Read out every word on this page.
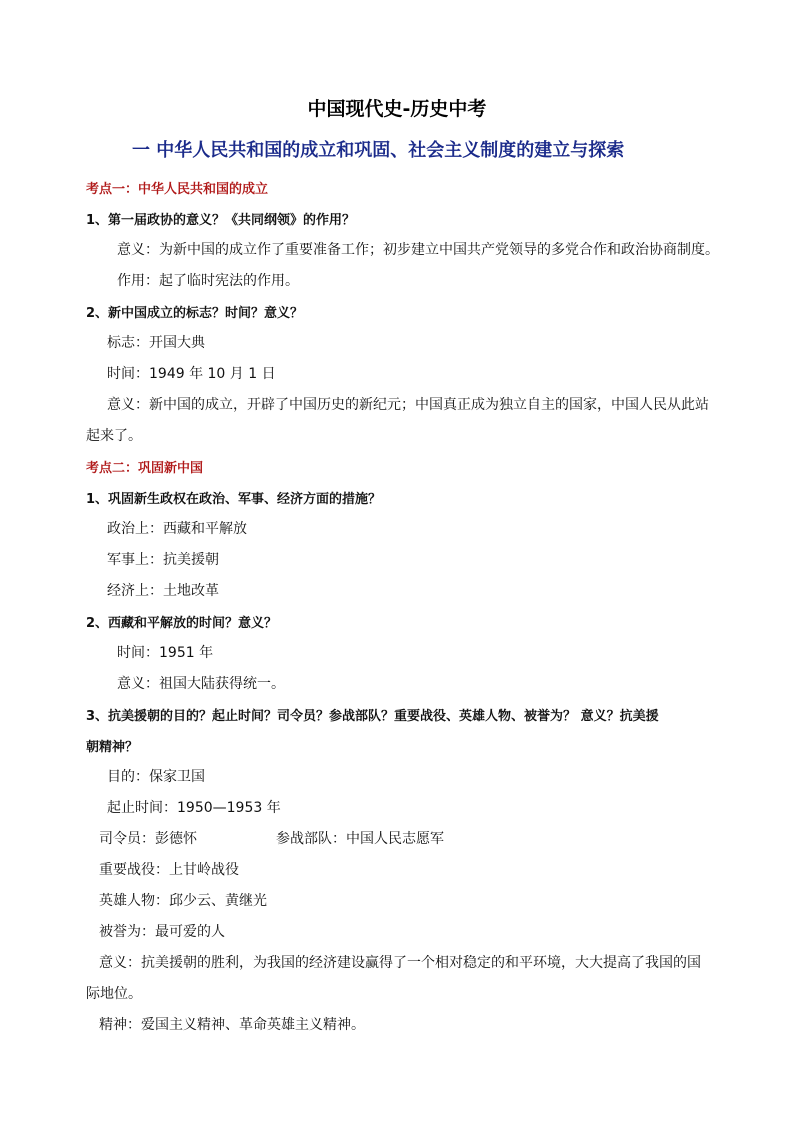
中国现代史-历史中考
一 中华人民共和国的成立和巩固、社会主义制度的建立与探索
考点一：中华人民共和国的成立
1、第一届政协的意义？《共同纲领》的作用？
意义：为新中国的成立作了重要准备工作；初步建立中国共产党领导的多党合作和政治协商制度。
作用：起了临时宪法的作用。
2、新中国成立的标志？时间？意义？
标志：开国大典
时间：1949 年 10 月 1 日
意义：新中国的成立，开辟了中国历史的新纪元；中国真正成为独立自主的国家，中国人民从此站
起来了。
考点二：巩固新中国
1、巩固新生政权在政治、军事、经济方面的措施？
政治上：西藏和平解放
军事上：抗美援朝
经济上：土地改革
2、西藏和平解放的时间？意义？
时间：1951 年
意义：祖国大陆获得统一。
3、抗美援朝的目的？起止时间？司令员？参战部队？重要战役、英雄人物、被誉为？ 意义？抗美援
朝精神？
目的：保家卫国
起止时间：1950—1953 年
司令员：彭德怀	参战部队：中国人民志愿军
重要战役：上甘岭战役
英雄人物：邱少云、黄继光
被誉为：最可爱的人
意义：抗美援朝的胜利，为我国的经济建设赢得了一个相对稳定的和平环境，大大提高了我国的国
际地位。
精神：爱国主义精神、革命英雄主义精神。
